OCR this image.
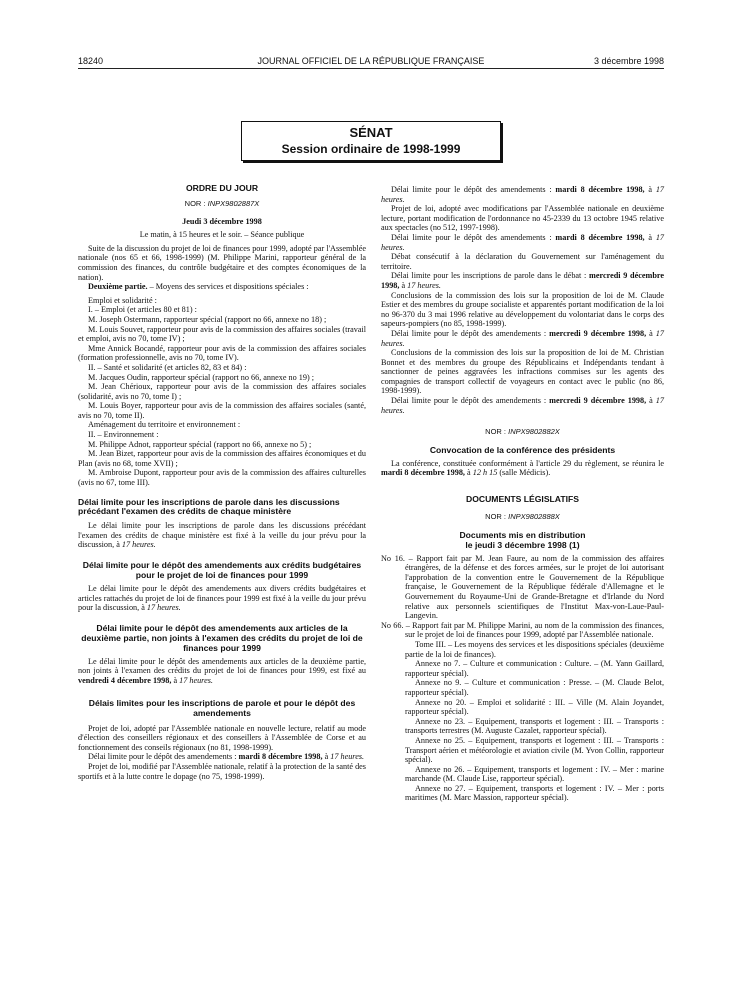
18240	JOURNAL OFFICIEL DE LA RÉPUBLIQUE FRANÇAISE	3 décembre 1998
SÉNAT
Session ordinaire de 1998-1999
ORDRE DU JOUR
NOR : INPX9802887X

Jeudi 3 décembre 1998

Le matin, à 15 heures et le soir. – Séance publique

Suite de la discussion du projet de loi de finances pour 1999, adopté par l'Assemblée nationale (nos 65 et 66, 1998-1999) (M. Philippe Marini, rapporteur général de la commission des finances, du contrôle budgétaire et des comptes économiques de la nation).

Deuxième partie. – Moyens des services et dispositions spéciales :

Emploi et solidarité :

I. – Emploi (et articles 80 et 81) :

M. Joseph Ostermann, rapporteur spécial (rapport no 66, annexe no 18) ;

M. Louis Souvet, rapporteur pour avis de la commission des affaires sociales (travail et emploi, avis no 70, tome IV) ;

Mme Annick Bocandé, rapporteur pour avis de la commission des affaires sociales (formation professionnelle, avis no 70, tome IV).

II. – Santé et solidarité (et articles 82, 83 et 84) :

M. Jacques Oudin, rapporteur spécial (rapport no 66, annexe no 19) ;

M. Jean Chérioux, rapporteur pour avis de la commission des affaires sociales (solidarité, avis no 70, tome I) ;

M. Louis Boyer, rapporteur pour avis de la commission des affaires sociales (santé, avis no 70, tome II).

Aménagement du territoire et environnement :

II. – Environnement :

M. Philippe Adnot, rapporteur spécial (rapport no 66, annexe no 5) ;

M. Jean Bizet, rapporteur pour avis de la commission des affaires économiques et du Plan (avis no 68, tome XVII) ;

M. Ambroise Dupont, rapporteur pour avis de la commission des affaires culturelles (avis no 67, tome III).

Délai limite pour les inscriptions de parole dans les discussions précédant l'examen des crédits de chaque ministère

Le délai limite pour les inscriptions de parole dans les discussions précédant l'examen des crédits de chaque ministère est fixé à la veille du jour prévu pour la discussion, à 17 heures.

Délai limite pour le dépôt des amendements aux crédits budgétaires pour le projet de loi de finances pour 1999

Le délai limite pour le dépôt des amendements aux divers crédits budgétaires et articles rattachés du projet de loi de finances pour 1999 est fixé à la veille du jour prévu pour la discussion, à 17 heures.

Délai limite pour le dépôt des amendements aux articles de la deuxième partie, non joints à l'examen des crédits du projet de loi de finances pour 1999

Le délai limite pour le dépôt des amendements aux articles de la deuxième partie, non joints à l'examen des crédits du projet de loi de finances pour 1999, est fixé au vendredi 4 décembre 1998, à 17 heures.

Délais limites pour les inscriptions de parole et pour le dépôt des amendements

Projet de loi, adopté par l'Assemblée nationale en nouvelle lecture, relatif au mode d'élection des conseillers régionaux et des conseillers à l'Assemblée de Corse et au fonctionnement des conseils régionaux (no 81, 1998-1999).

Délai limite pour le dépôt des amendements : mardi 8 décembre 1998, à 17 heures.

Projet de loi, modifié par l'Assemblée nationale, relatif à la protection de la santé des sportifs et à la lutte contre le dopage (no 75, 1998-1999).

Délai limite pour le dépôt des amendements : mardi 8 décembre 1998, à 17 heures.

Projet de loi, adopté avec modifications par l'Assemblée nationale en deuxième lecture, portant modification de l'ordonnance no 45-2339 du 13 octobre 1945 relative aux spectacles (no 512, 1997-1998).

Délai limite pour le dépôt des amendements : mardi 8 décembre 1998, à 17 heures.

Débat consécutif à la déclaration du Gouvernement sur l'aménagement du territoire.

Délai limite pour les inscriptions de parole dans le débat : mercredi 9 décembre 1998, à 17 heures.

Conclusions de la commission des lois sur la proposition de loi de M. Claude Estier et des membres du groupe socialiste et apparentés portant modification de la loi no 96-370 du 3 mai 1996 relative au développement du volontariat dans le corps des sapeurs-pompiers (no 85, 1998-1999).

Délai limite pour le dépôt des amendements : mercredi 9 décembre 1998, à 17 heures.

Conclusions de la commission des lois sur la proposition de loi de M. Christian Bonnet et des membres du groupe des Républicains et Indépendants tendant à sanctionner de peines aggravées les infractions commises sur les agents des compagnies de transport collectif de voyageurs en contact avec le public (no 86, 1998-1999).

Délai limite pour le dépôt des amendements : mercredi 9 décembre 1998, à 17 heures.

NOR : INPX9802882X
Convocation de la conférence des présidents

La conférence, constituée conformément à l'article 29 du règlement, se réunira le mardi 8 décembre 1998, à 12 h 15 (salle Médicis).

DOCUMENTS LÉGISLATIFS
NOR : INPX9802888X
Documents mis en distribution
le jeudi 3 décembre 1998 (1)

No 16. – Rapport fait par M. Jean Faure, au nom de la commission des affaires étrangères, de la défense et des forces armées, sur le projet de loi autorisant l'approbation de la convention entre le Gouvernement de la République française, le Gouvernement de la République fédérale d'Allemagne et le Gouvernement du Royaume-Uni de Grande-Bretagne et d'Irlande du Nord relative aux personnels scientifiques de l'Institut Max-von-Laue-Paul-Langevin.

No 66. – Rapport fait par M. Philippe Marini, au nom de la commission des finances, sur le projet de loi de finances pour 1999, adopté par l'Assemblée nationale.

Tome III. – Les moyens des services et les dispositions spéciales (deuxième partie de la loi de finances).

Annexe no 7. – Culture et communication : Culture. – (M. Yann Gaillard, rapporteur spécial).

Annexe no 9. – Culture et communication : Presse. – (M. Claude Belot, rapporteur spécial).

Annexe no 20. – Emploi et solidarité : III. – Ville (M. Alain Joyandet, rapporteur spécial).

Annexe no 23. – Equipement, transports et logement : III. – Transports : transports terrestres (M. Auguste Cazalet, rapporteur spécial).

Annexe no 25. – Equipement, transports et logement : III. – Transports : Transport aérien et météorologie et aviation civile (M. Yvon Collin, rapporteur spécial).

Annexe no 26. – Equipement, transports et logement : IV. – Mer : marine marchande (M. Claude Lise, rapporteur spécial).

Annexe no 27. – Equipement, transports et logement : IV. – Mer : ports maritimes (M. Marc Massion, rapporteur spécial).
